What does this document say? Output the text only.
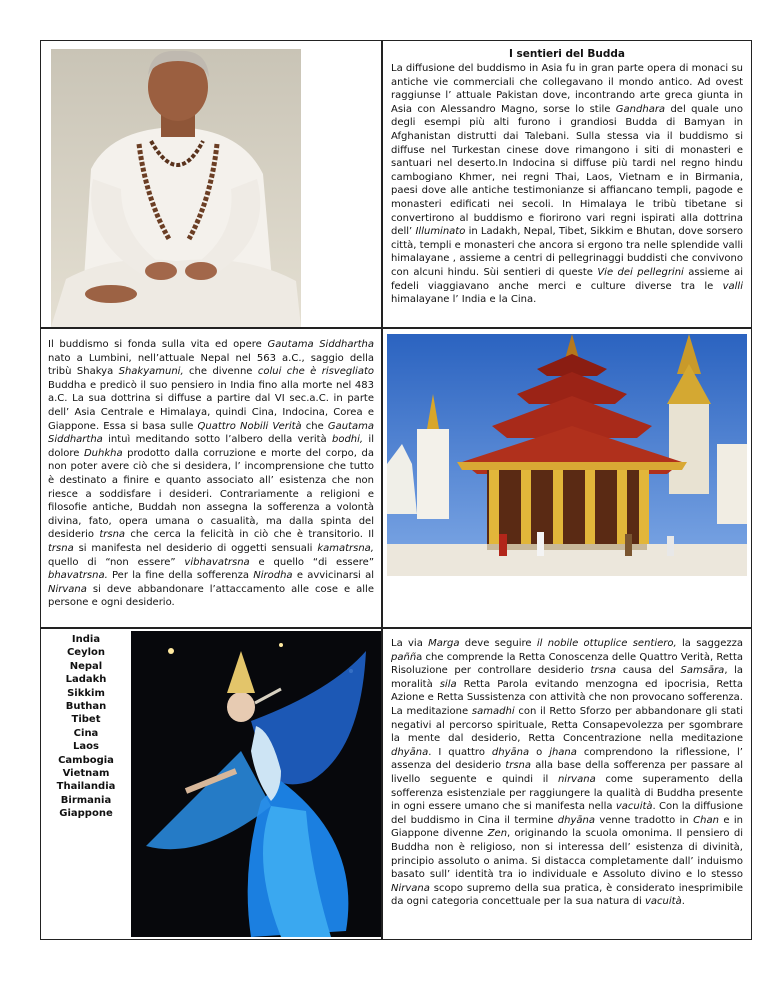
I sentieri del Budda
La diffusione del buddismo in Asia fu in gran parte opera di monaci su antiche vie commerciali che collegavano il mondo antico. Ad ovest raggiunse l’ attuale Pakistan dove, incontrando arte greca giunta in Asia con Alessandro Magno, sorse lo stile Gandhara del quale uno degli esempi più alti furono i grandiosi Budda di Bamyan in Afghanistan distrutti dai Talebani. Sulla stessa via il buddismo si diffuse nel Turkestan cinese dove rimangono i siti di monasteri e santuari nel deserto.In Indocina si diffuse più tardi nel regno hindu cambogiano Khmer, nei regni Thai, Laos, Vietnam e in Birmania, paesi dove alle antiche testimonianze si affiancano templi, pagode e monasteri edificati nei secoli. In Himalaya le tribù tibetane si convertirono al buddismo e fiorirono vari regni ispirati alla dottrina dell’ Illuminato in Ladakh, Nepal, Tibet, Sikkim e Bhutan, dove sorsero città, templi e monasteri che ancora si ergono tra nelle splendide valli himalayane , assieme a centri di pellegrinaggi buddisti che convivono con alcuni hindu. Sùi sentieri di queste Vie dei pellegrini assieme ai fedeli viaggiavano anche merci e culture diverse tra le valli himalayane l’ India e la Cina.
Il buddismo si fonda sulla vita ed opere Gautama Siddhartha nato a Lumbini, nell’attuale Nepal nel 563 a.C., saggio della tribù Shakya Shakyamuni, che divenne colui che è risvegliato Buddha e predicò il suo pensiero in India fino alla morte nel 483 a.C. La sua dottrina si diffuse a partire dal VI sec.a.C. in parte dell’ Asia Centrale e Himalaya, quindi Cina, Indocina, Corea e Giappone. Essa si basa sulle Quattro Nobili Verità che Gautama Siddhartha intuì meditando sotto l’albero della verità bodhi, il dolore Duhkha prodotto dalla corruzione e morte del corpo, da non poter avere ciò che si desidera, l’ incomprensione che tutto è destinato a finire e quanto associato all’ esistenza che non riesce a soddisfare i desideri. Contrariamente a religioni e filosofie antiche, Buddah non assegna la sofferenza a volontà divina, fato, opera umana o casualità, ma dalla spinta del desiderio trsna che cerca la felicità in ciò che è transitorio. Il trsna si manifesta nel desiderio di oggetti sensuali kamatrsna, quello di “non essere” vibhavatrsna e quello “di essere” bhavatrsna. Per la fine della sofferenza Nirodha e avvicinarsi al Nirvana si deve abbandonare l’attaccamento alle cose e alle persone e ogni desiderio.
India
Ceylon
Nepal
Ladakh
Sikkim
Buthan
Tibet
Cina
Laos
Cambogia
Vietnam
Thailandia
Birmania
Giappone
La via Marga deve seguire il nobile ottuplice sentiero, la saggezza pañña che comprende la Retta Conoscenza delle Quattro Verità, Retta Risoluzione per controllare desiderio trsna causa del Samsāra, la moralità sila Retta Parola evitando menzogna ed ipocrisia, Retta Azione e Retta Sussistenza con attività che non provocano sofferenza. La meditazione samadhi con il Retto Sforzo per abbandonare gli stati negativi al percorso spirituale, Retta Consapevolezza per sgombrare la mente dal desiderio, Retta Concentrazione nella meditazione dhyāna. I quattro dhyāna o jhana comprendono la riflessione, l’ assenza del desiderio trsna alla base della sofferenza per passare al livello seguente e quindi il nirvana come superamento della sofferenza esistenziale per raggiungere la qualità di Buddha presente in ogni essere umano che si manifesta nella vacuità. Con la diffusione del buddismo in Cina il termine dhyāna venne tradotto in Chan e in Giappone divenne Zen, originando la scuola omonima. Il pensiero di Buddha non è religioso, non si interessa dell’ esistenza di divinità, principio assoluto o anima. Si distacca completamente dall’ induismo basato sull’ identità tra io individuale e Assoluto divino e lo stesso Nirvana scopo supremo della sua pratica, è considerato inesprimibile da ogni categoria concettuale per la sua natura di vacuità.
